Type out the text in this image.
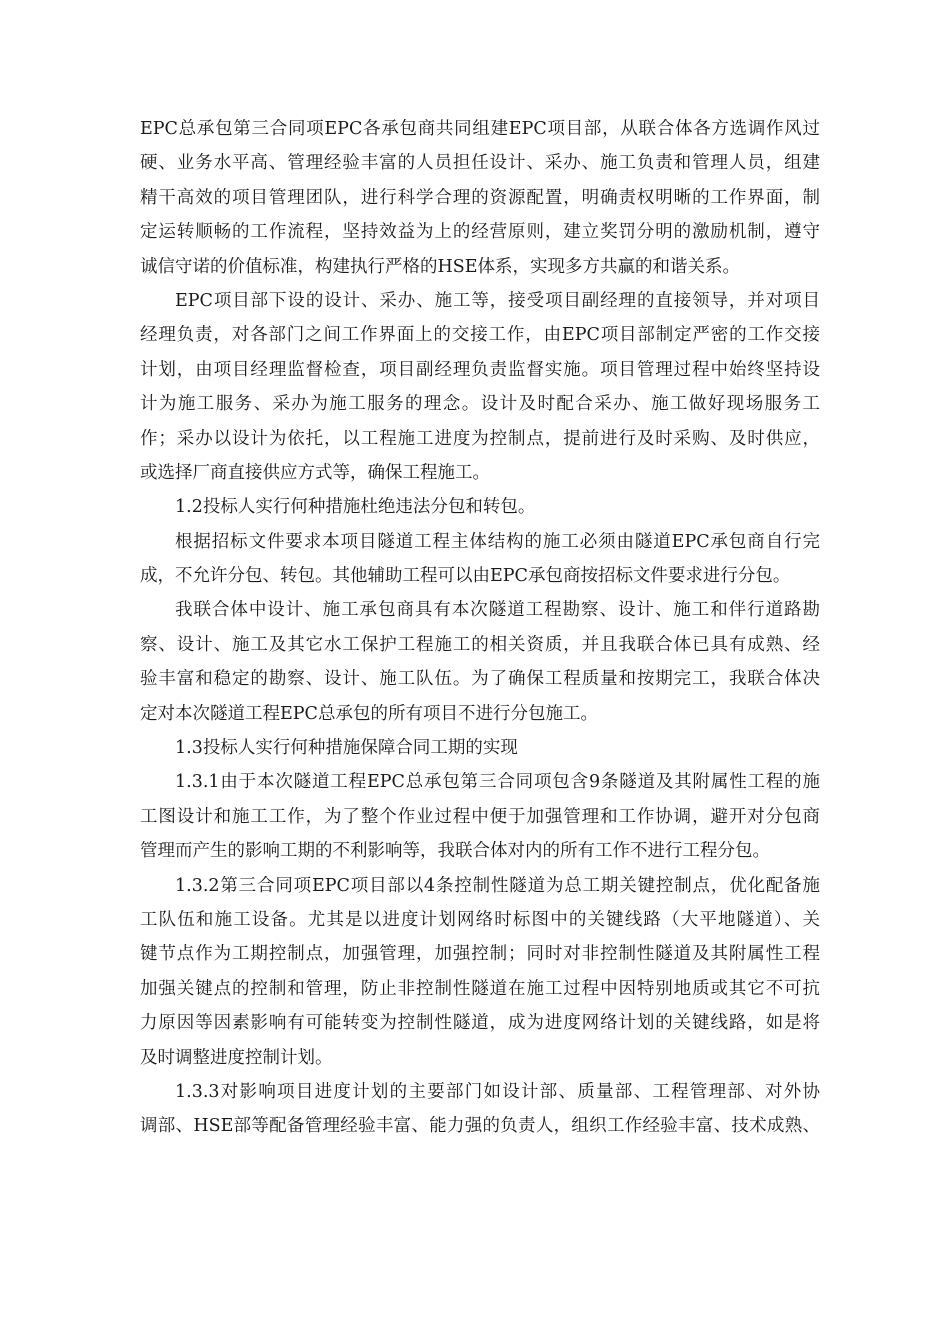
EPC总承包第三合同项EPC各承包商共同组建EPC项目部，从联合体各方选调作风过
硬、业务水平高、管理经验丰富的人员担任设计、采办、施工负责和管理人员，组建
精干高效的项目管理团队，进行科学合理的资源配置，明确责权明晰的工作界面，制
定运转顺畅的工作流程，坚持效益为上的经营原则，建立奖罚分明的激励机制，遵守
诚信守诺的价值标准，构建执行严格的HSE体系，实现多方共赢的和谐关系。
EPC项目部下设的设计、采办、施工等，接受项目副经理的直接领导，并对项目
经理负责，对各部门之间工作界面上的交接工作，由EPC项目部制定严密的工作交接
计划，由项目经理监督检查，项目副经理负责监督实施。项目管理过程中始终坚持设
计为施工服务、采办为施工服务的理念。设计及时配合采办、施工做好现场服务工
作；采办以设计为依托，以工程施工进度为控制点，提前进行及时采购、及时供应，
或选择厂商直接供应方式等，确保工程施工。
1.2投标人实行何种措施杜绝违法分包和转包。
根据招标文件要求本项目隧道工程主体结构的施工必须由隧道EPC承包商自行完
成，不允许分包、转包。其他辅助工程可以由EPC承包商按招标文件要求进行分包。
我联合体中设计、施工承包商具有本次隧道工程勘察、设计、施工和伴行道路勘
察、设计、施工及其它水工保护工程施工的相关资质，并且我联合体已具有成熟、经
验丰富和稳定的勘察、设计、施工队伍。为了确保工程质量和按期完工，我联合体决
定对本次隧道工程EPC总承包的所有项目不进行分包施工。
1.3投标人实行何种措施保障合同工期的实现
1.3.1由于本次隧道工程EPC总承包第三合同项包含9条隧道及其附属性工程的施
工图设计和施工工作，为了整个作业过程中便于加强管理和工作协调，避开对分包商
管理而产生的影响工期的不利影响等，我联合体对内的所有工作不进行工程分包。
1.3.2第三合同项EPC项目部以4条控制性隧道为总工期关键控制点，优化配备施
工队伍和施工设备。尤其是以进度计划网络时标图中的关键线路（大平地隧道）、关
键节点作为工期控制点，加强管理，加强控制；同时对非控制性隧道及其附属性工程
加强关键点的控制和管理，防止非控制性隧道在施工过程中因特别地质或其它不可抗
力原因等因素影响有可能转变为控制性隧道，成为进度网络计划的关键线路，如是将
及时调整进度控制计划。
1.3.3对影响项目进度计划的主要部门如设计部、质量部、工程管理部、对外协
调部、HSE部等配备管理经验丰富、能力强的负责人，组织工作经验丰富、技术成熟、
